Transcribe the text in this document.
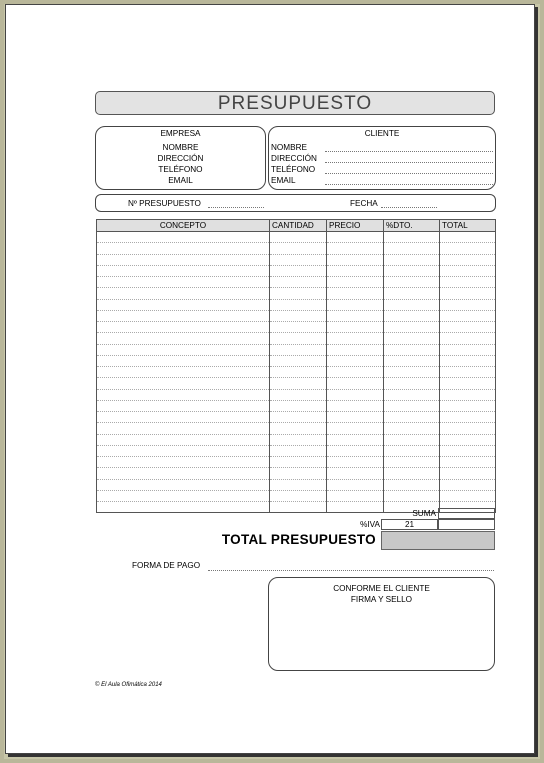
PRESUPUESTO
EMPRESA
NOMBRE
DIRECCIÓN
TELÉFONO
EMAIL
CLIENTE
NOMBRE
DIRECCIÓN
TELÉFONO
EMAIL
Nº PRESUPUESTO	FECHA
CONCEPTO	CANTIDAD	PRECIO	%DTO.	TOTAL

SUMA
%IVA	21
TOTAL PRESUPUESTO
FORMA DE PAGO
CONFORME EL CLIENTE
FIRMA Y SELLO
© El Aula Ofimática 2014
